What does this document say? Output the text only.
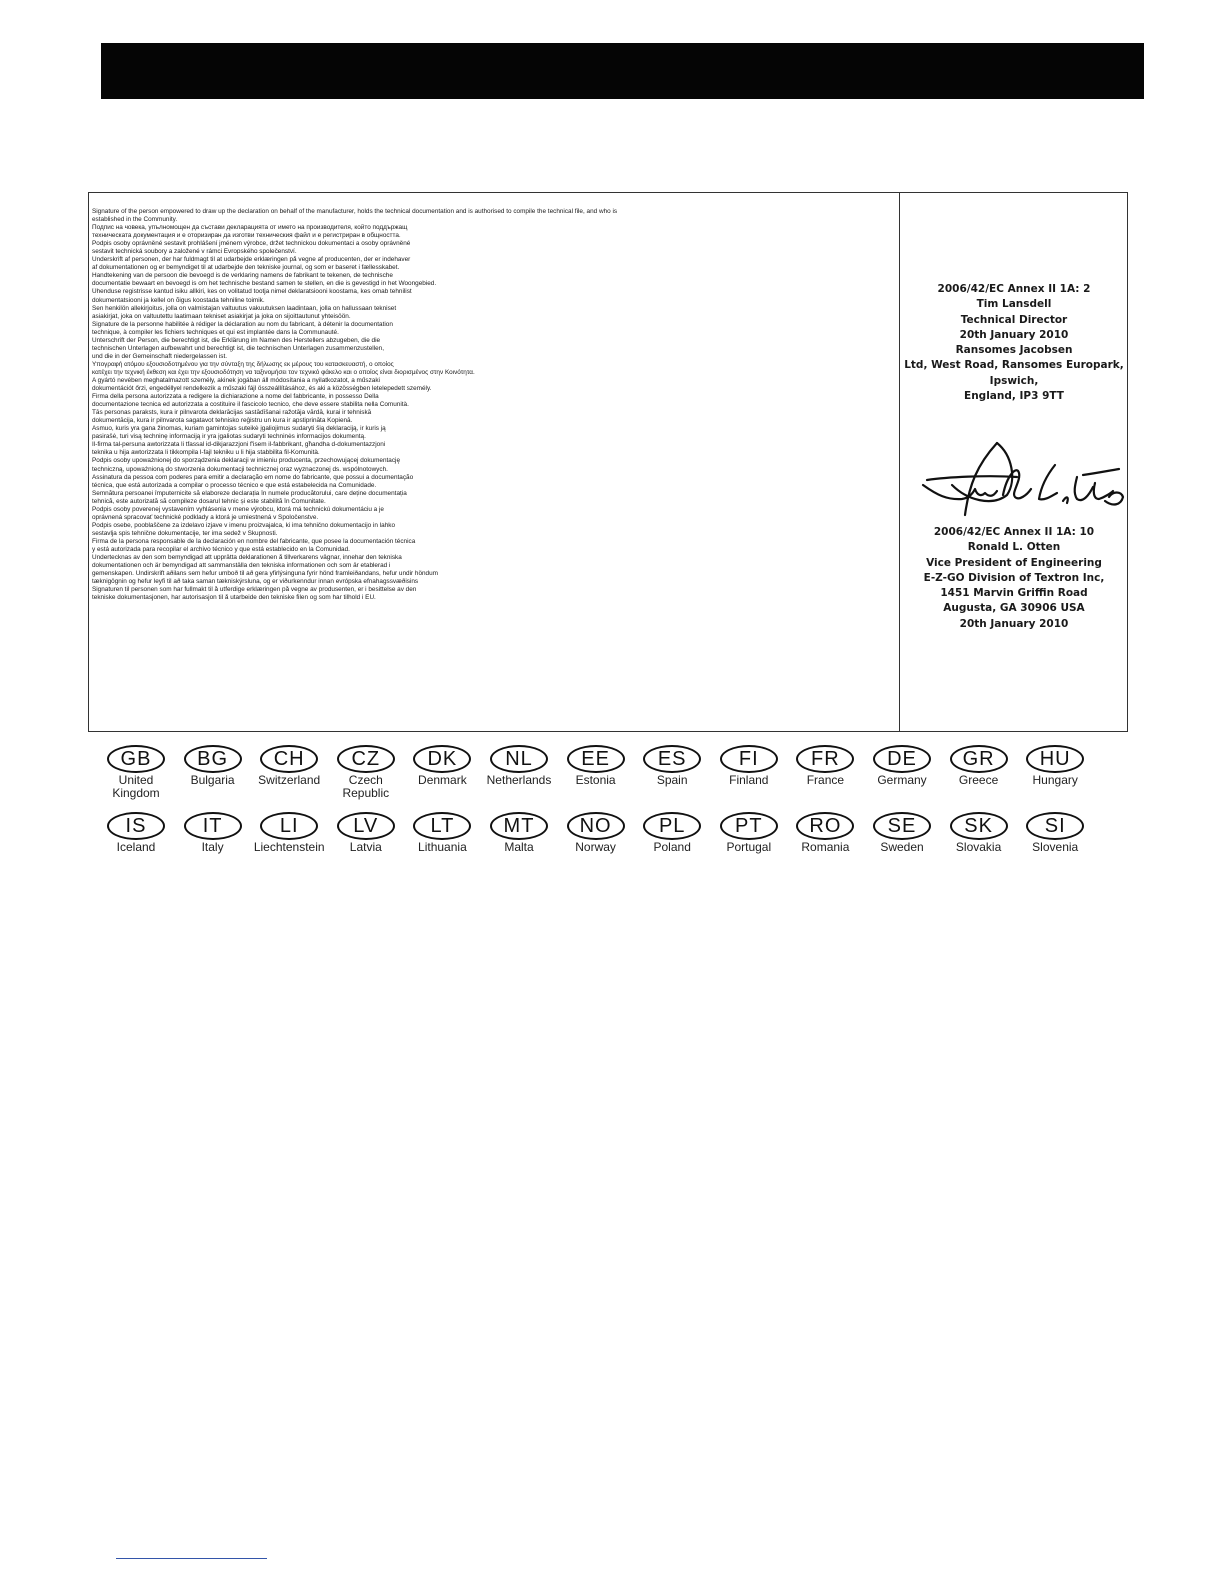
Signature of the person empowered to draw up the declaration on behalf of the manufacturer, holds the technical documentation and is authorised to compile the technical file, and who is
established in the Community.
Подпис на човека, упълномощен да състави декларацията от името на производителя, който поддържащ
техническата документация и е оторизиран да изготви техническия файл и е регистриран в общността.
Podpis osoby oprávněné sestavit prohlášení jménem výrobce, držet technickou dokumentaci a osoby oprávněné
sestavit technická soubory a založené v rámci Evropského společenství.
Underskrift af personen, der har fuldmagt til at udarbejde erklæringen på vegne af producenten, der er indehaver
af dokumentationen og er bemyndiget til at udarbejde den tekniske journal, og som er baseret i fællesskabet.
Handtekening van de persoon die bevoegd is de verklaring namens de fabrikant te tekenen, de technische
documentatie bewaart en bevoegd is om het technische bestand samen te stellen, en die is gevestigd in het Woongebied.
Ühenduse registrisse kantud isiku allkiri, kes on volitatud tootja nimel deklaratsiooni koostama, kes omab tehnilist
dokumentatsiooni ja kellel on õigus koostada tehniline toimik.
Sen henkilön allekirjoitus, jolla on valmistajan valtuutus vakuutuksen laadintaan, jolla on hallussaan tekniset
asiakirjat, joka on valtuutettu laatimaan tekniset asiakirjat ja joka on sijoittautunut yhteisöön.
Signature de la personne habilitée à rédiger la déclaration au nom du fabricant, à détenir la documentation
technique, à compiler les fichiers techniques et qui est implantée dans la Communauté.
Unterschrift der Person, die berechtigt ist, die Erklärung im Namen des Herstellers abzugeben, die die
technischen Unterlagen aufbewahrt und berechtigt ist, die technischen Unterlagen zusammenzustellen,
und die in der Gemeinschaft niedergelassen ist.
Υπογραφή ατόμου εξουσιοδοτημένου για την σύνταξη της δήλωσης εκ μέρους του κατασκευαστή, ο οποίος
κατέχει την τεχνική έκθεση και έχει την εξουσιοδότηση να ταξινομήσει τον τεχνικό φάκελο και ο οποίος είναι διορισμένος στην Κοινότητα.
A gyártó nevében meghatalmazott személy, akinek jogában áll módosítania a nyilatkozatot, a műszaki
dokumentációt őrzi, engedéllyel rendelkezik a műszaki fájl összeállításához, és aki a közösségben letelepedett személy.
Firma della persona autorizzata a redigere la dichiarazione a nome del fabbricante, in possesso Della
documentazione tecnica ed autorizzata a costituire il fascicolo tecnico, che deve essere stabilita nella Comunità.
Tās personas paraksts, kura ir pilnvarota deklarācijas sastādīšanai ražotāja vārdā, kurai ir tehniskā
dokumentācija, kura ir pilnvarota sagatavot tehnisko reģistru un kura ir apstiprināta Kopienā.
Asmuo, kuris yra gana žinomas, kuriam gamintojas suteikė įgaliojimus sudaryti šią deklaraciją, ir kuris ją
pasirašė, turi visą techninę informaciją ir yra įgaliotas sudaryti techninės informacijos dokumentą.
Il-firma tal-persuna awtorizzata li tfassal id-dikjarazzjoni f'isem il-fabbrikant, għandha d-dokumentazzjoni
teknika u hija awtorizzata li tikkompila l-fajl tekniku u li hija stabbilita fil-Komunità.
Podpis osoby upoważnionej do sporządzenia deklaracji w imieniu producenta, przechowującej dokumentację
techniczną, upoważnioną do stworzenia dokumentacji technicznej oraz wyznaczonej ds. wspólnotowych.
Assinatura da pessoa com poderes para emitir a declaração em nome do fabricante, que possui a documentação
técnica, que está autorizada a compilar o processo técnico e que está estabelecida na Comunidade.
Semnătura persoanei împuternicite să elaboreze declarația în numele producătorului, care deține documentația
tehnică, este autorizată să compileze dosarul tehnic și este stabilită în Comunitate.
Podpis osoby poverenej vystavením vyhlásenia v mene výrobcu, ktorá má technickú dokumentáciu a je
oprávnená spracovať technické podklady a ktorá je umiestnená v Spoločenstve.
Podpis osebe, pooblaščene za izdelavo izjave v imenu proizvajalca, ki ima tehnično dokumentacijo in lahko
sestavlja spis tehnične dokumentacije, ter ima sedež v Skupnosti.
Firma de la persona responsable de la declaración en nombre del fabricante, que posee la documentación técnica
y está autorizada para recopilar el archivo técnico y que está establecido en la Comunidad.
Undertecknas av den som bemyndigad att upprätta deklarationen å tillverkarens vägnar, innehar den tekniska
dokumentationen och är bemyndigad att sammanställa den tekniska informationen och som är etablerad i
gemenskapen. Undirskrift aðilans sem hefur umboð til að gera yfirlýsinguna fyrir hönd framleiðandans, hefur undir höndum
tæknigögnin og hefur leyfi til að taka saman tækniskýrsluna, og er viðurkenndur innan evrópska efnahagssvæðisins
Signaturen til personen som har fullmakt til å utferdige erklæringen på vegne av produsenten, er i besittelse av den
tekniske dokumentasjonen, har autorisasjon til å utarbeide den tekniske filen og som har tilhold i EU.
2006/42/EC Annex II 1A: 2
Tim Lansdell
Technical Director
20th January 2010
Ransomes Jacobsen
Ltd, West Road, Ransomes Europark,
Ipswich,
England, IP3 9TT
2006/42/EC Annex II 1A: 10
Ronald L. Otten
Vice President of Engineering
E-Z-GO Division of Textron Inc,
1451 Marvin Griffin Road
Augusta, GA 30906 USA
20th January 2010
GB
United Kingdom
BG
Bulgaria
CH
Switzerland
CZ
Czech Republic
DK
Denmark
NL
Netherlands
EE
Estonia
ES
Spain
FI
Finland
FR
France
DE
Germany
GR
Greece
HU
Hungary
IS
Iceland
IT
Italy
LI
Liechtenstein
LV
Latvia
LT
Lithuania
MT
Malta
NO
Norway
PL
Poland
PT
Portugal
RO
Romania
SE
Sweden
SK
Slovakia
SI
Slovenia
